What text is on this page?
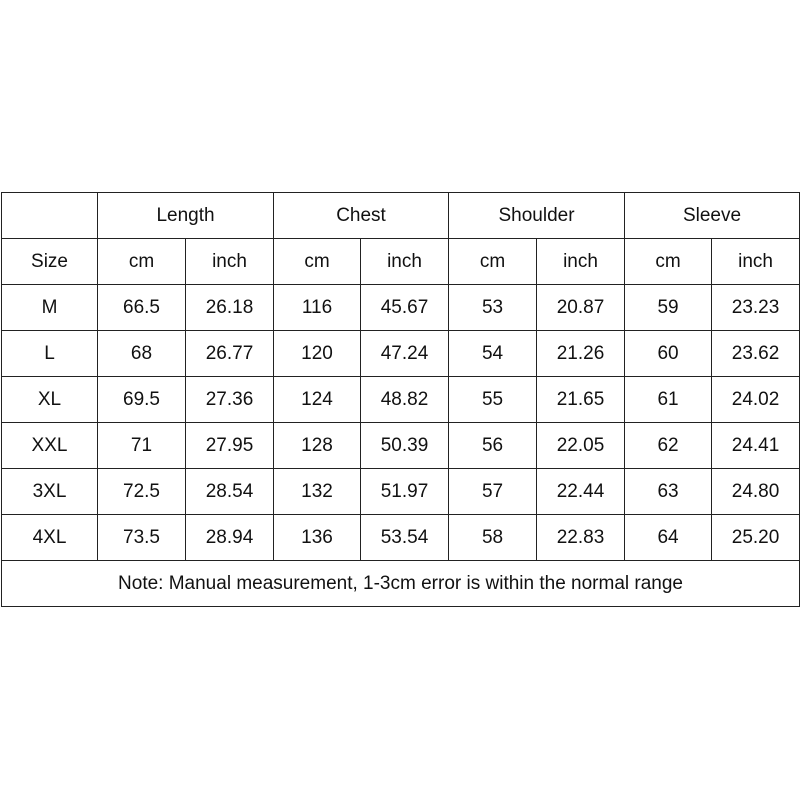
	Length		Chest		Shoulder		Sleeve	
Size	cm	inch	cm	inch	cm	inch	cm	inch
M	66.5	26.18	116	45.67	53	20.87	59	23.23
L	68	26.77	120	47.24	54	21.26	60	23.62
XL	69.5	27.36	124	48.82	55	21.65	61	24.02
XXL	71	27.95	128	50.39	56	22.05	62	24.41
3XL	72.5	28.54	132	51.97	57	22.44	63	24.80
4XL	73.5	28.94	136	53.54	58	22.83	64	25.20
Note: Manual measurement, 1-3cm error is within the normal range								
